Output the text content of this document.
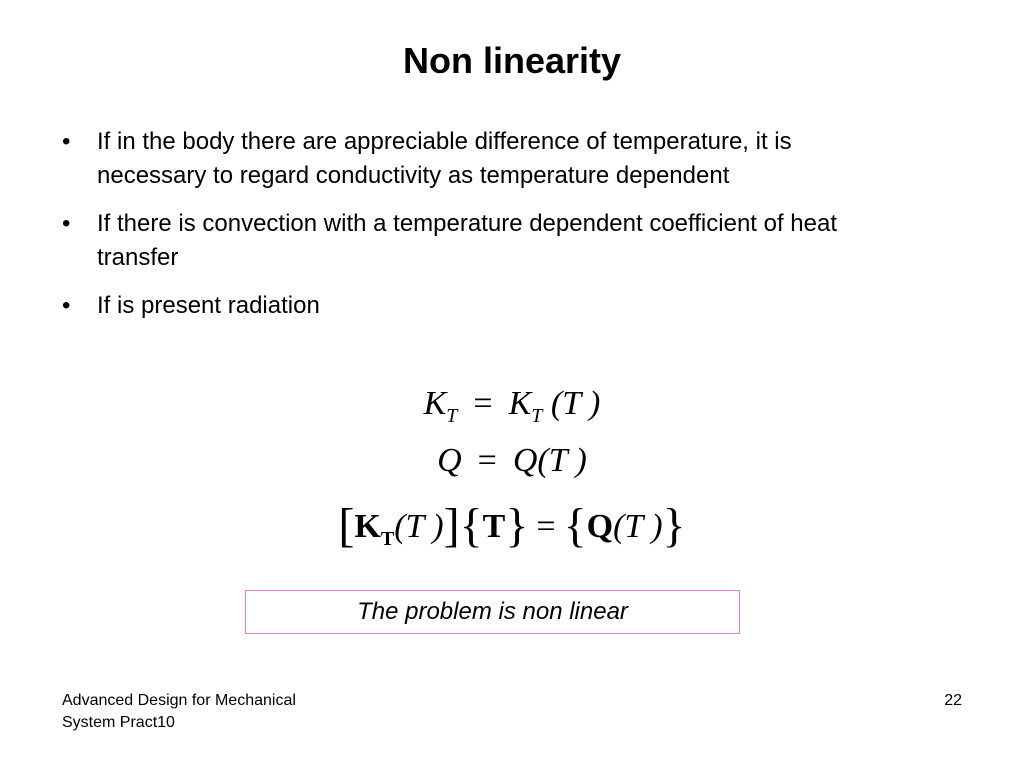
Non linearity
• If in the body there are appreciable difference of temperature, it is necessary to regard conductivity as temperature dependent
• If there is convection with a temperature dependent coefficient of heat transfer
• If is present radiation
$K_T = K_T$ (T )
Q = Q(T )
[$K_T(T$ )]{T} = {Q(T )}
The problem is non linear
Advanced Design for Mechanical
System Pract10
22
